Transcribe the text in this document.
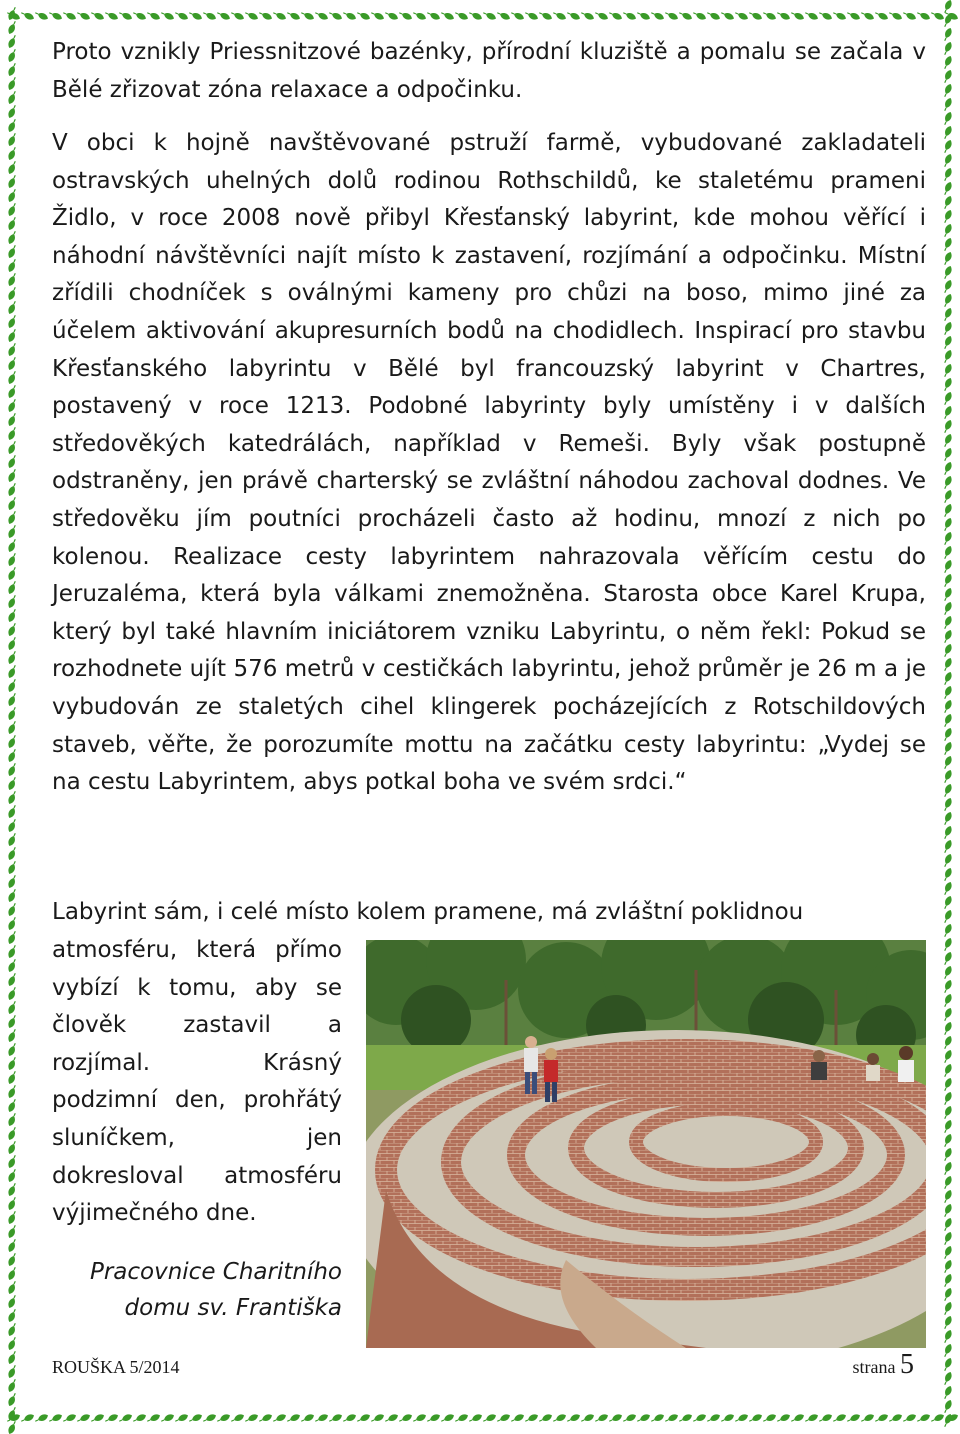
Proto vznikly Priessnitzové bazénky, přírodní kluziště a pomalu se začala v Bělé zřizovat zóna relaxace a odpočinku.

V obci k hojně navštěvované pstruží farmě, vybudované zakladateli ostravských uhelných dolů rodinou Rothschildů, ke staletému prameni Židlo, v roce 2008 nově přibyl Křesťanský labyrint, kde mohou věřící i náhodní návštěvníci najít místo k zastavení, rozjímání a odpočinku. Místní zřídili chodníček s oválnými kameny pro chůzi na boso, mimo jiné za účelem aktivování akupresurních bodů na chodidlech. Inspirací pro stavbu Křesťanského labyrintu v Bělé byl francouzský labyrint v Chartres, postavený v roce 1213. Podobné labyrinty byly umístěny i v dalších středověkých katedrálách, například v Remeši. Byly však postupně odstraněny, jen právě charterský se zvláštní náhodou zachoval dodnes. Ve středověku jím poutníci procházeli často až hodinu, mnozí z nich po kolenou. Realizace cesty labyrintem nahrazovala věřícím cestu do Jeruzaléma, která byla válkami znemožněna. Starosta obce Karel Krupa, který byl také hlavním iniciátorem vzniku Labyrintu, o něm řekl: Pokud se rozhodnete ujít 576 metrů v cestičkách labyrintu, jehož průměr je 26 m a je vybudován ze staletých cihel klingerek pocházejících z Rotschildových staveb, věřte, že porozumíte mottu na začátku cesty labyrintu: „Vydej se na cestu Labyrintem, abys potkal boha ve svém srdci.“

Labyrint sám, i celé místo kolem pramene, má zvláštní poklidnou

atmosféru, která přímo vybízí k tomu, aby se člověk zastavil a rozjímal. Krásný podzimní den, prohřátý sluníčkem, jen dokresloval atmosféru výjimečného dne.

Pracovnice Charitního
domu sv. Františka
ROUŠKA 5/2014	strana 5
